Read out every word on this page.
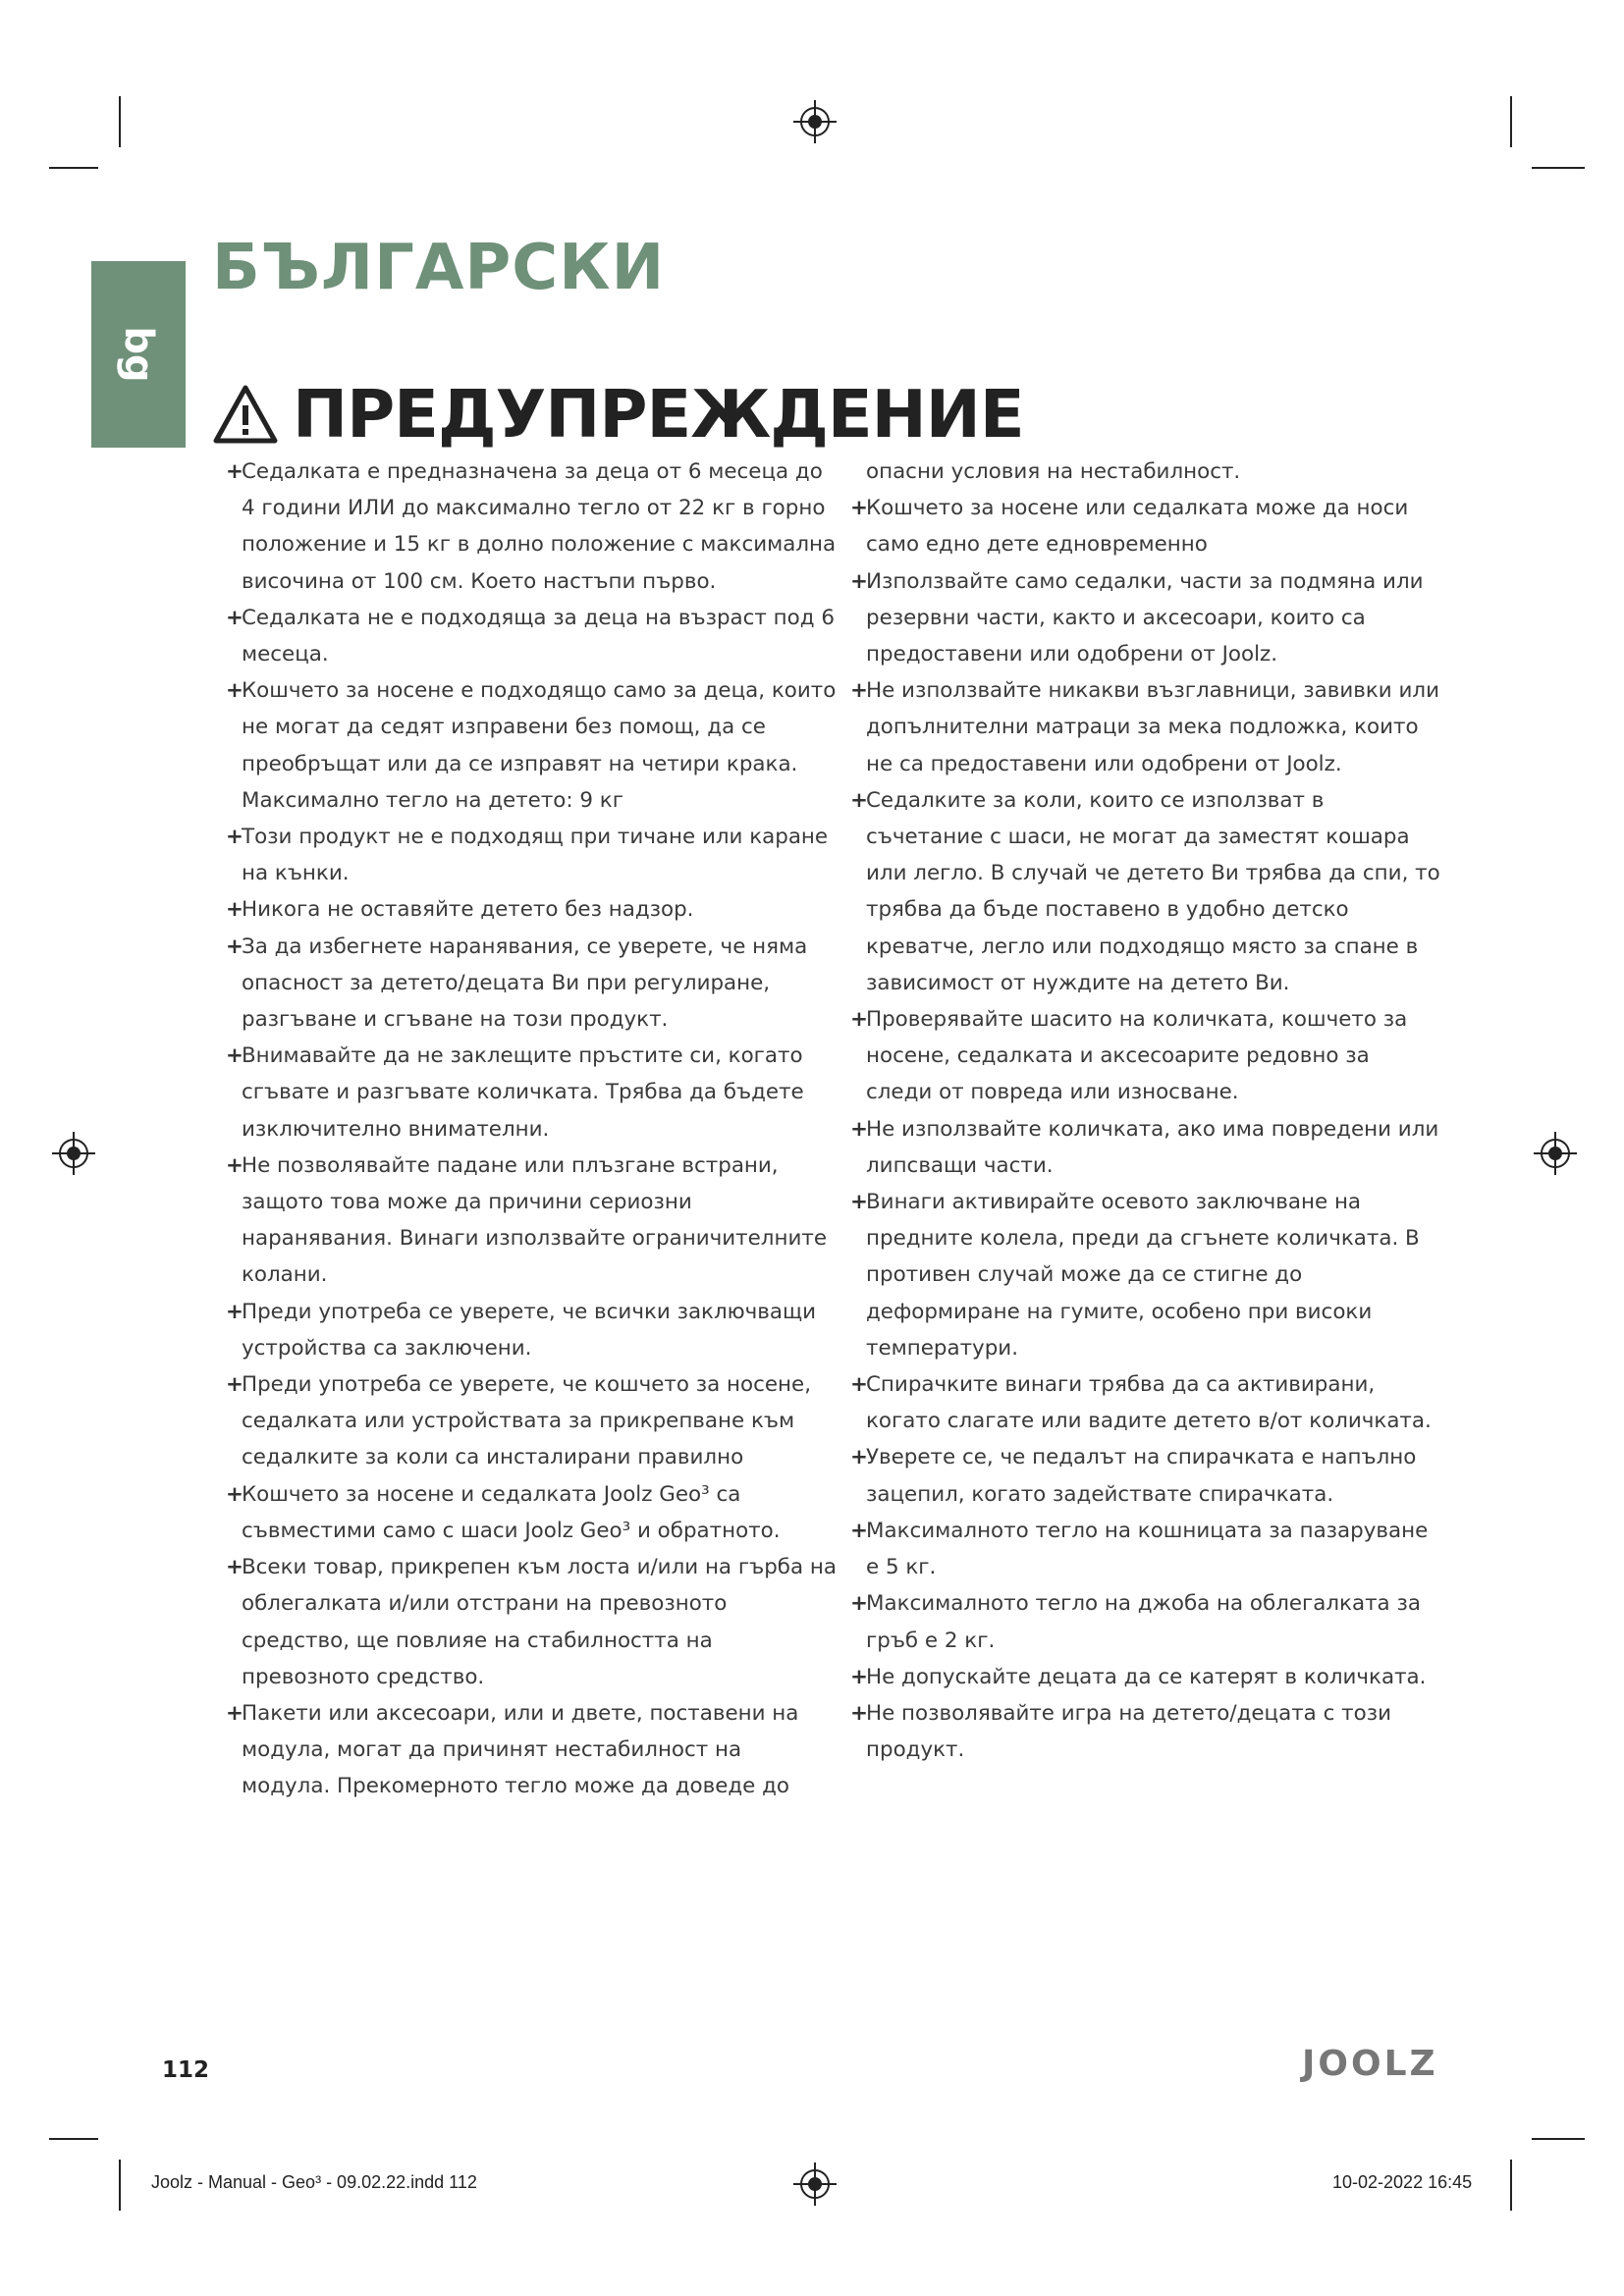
bg
БЪЛГАРСКИ
ПРЕДУПРЕЖДЕНИЕ
+ Седалката е предназначена за деца от 6 месеца до 4 години ИЛИ до максимално тегло от 22 кг в горно положение и 15 кг в долно положение с максимална височина от 100 см. Което настъпи първо.
+ Седалката не е подходяща за деца на възраст под 6 месеца.
+ Кошчето за носене е подходящо само за деца, които не могат да седят изправени без помощ, да се преобръщат или да се изправят на четири крака. Максимално тегло на детето: 9 кг
+ Този продукт не е подходящ при тичане или каране на кънки.
+ Никога не оставяйте детето без надзор.
+ За да избегнете наранявания, се уверете, че няма опасност за детето/децата Ви при регулиране, разгъване и сгъване на този продукт.
+ Внимавайте да не заклещите пръстите си, когато сгъвате и разгъвате количката. Трябва да бъдете изключително внимателни.
+ Не позволявайте падане или плъзгане встрани, защото това може да причини сериозни наранявания. Винаги използвайте ограничителните колани.
+ Преди употреба се уверете, че всички заключващи устройства са заключени.
+ Преди употреба се уверете, че кошчето за носене, седалката или устройствата за прикрепване към седалките за коли са инсталирани правилно
+ Кошчето за носене и седалката Joolz Geo³ са съвместими само с шаси Joolz Geo³ и обратното.
+ Всеки товар, прикрепен към лоста и/или на гърба на облегалката и/или отстрани на превозното средство, ще повлияе на стабилността на превозното средство.
+ Пакети или аксесоари, или и двете, поставени на модула, могат да причинят нестабилност на модула. Прекомерното тегло може да доведе до
опасни условия на нестабилност.
+ Кошчето за носене или седалката може да носи само едно дете едновременно
+ Използвайте само седалки, части за подмяна или резервни части, както и аксесоари, които са предоставени или одобрени от Joolz.
+ Не използвайте никакви възглавници, завивки или допълнителни матраци за мека подложка, които не са предоставени или одобрени от Joolz.
+ Седалките за коли, които се използват в съчетание с шаси, не могат да заместят кошара или легло. В случай че детето Ви трябва да спи, то трябва да бъде поставено в удобно детско креватче, легло или подходящо място за спане в зависимост от нуждите на детето Ви.
+ Проверявайте шасито на количката, кошчето за носене, седалката и аксесоарите редовно за следи от повреда или износване.
+ Не използвайте количката, ако има повредени или липсващи части.
+ Винаги активирайте осевото заключване на предните колела, преди да сгънете количката. В противен случай може да се стигне до деформиране на гумите, особено при високи температури.
+ Спирачките винаги трябва да са активирани, когато слагате или вадите детето в/от количката.
+ Уверете се, че педалът на спирачката е напълно зацепил, когато задействате спирачката.
+ Максималното тегло на кошницата за пазаруване е 5 кг.
+ Максималното тегло на джоба на облегалката за гръб е 2 кг.
+ Не допускайте децата да се катерят в количката.
+ Не позволявайте игра на детето/децата с този продукт.
112	JOOLZ
Joolz - Manual - Geo³ - 09.02.22.indd 112	10-02-2022 16:45
